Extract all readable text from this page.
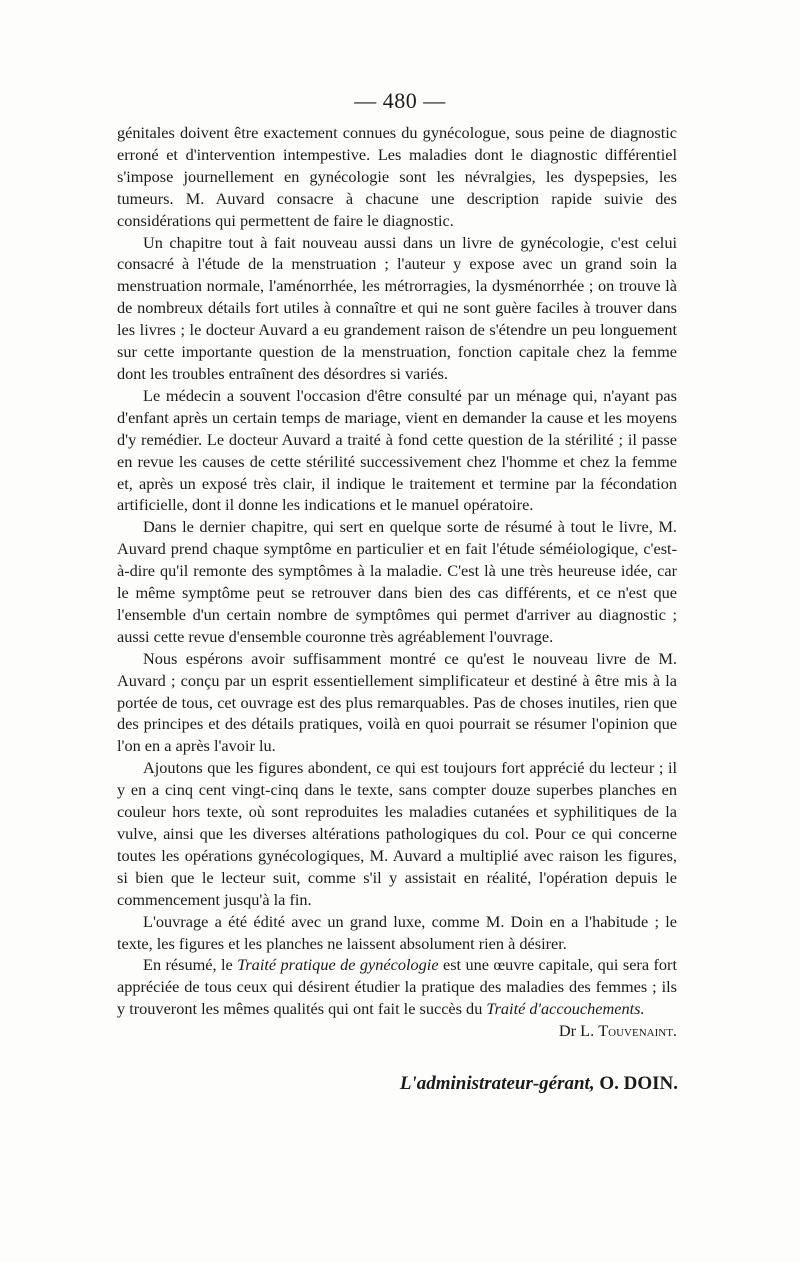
— 480 —

génitales doivent être exactement connues du gynécologue, sous peine de diagnostic erroné et d'intervention intempestive. Les maladies dont le diagnostic différentiel s'impose journellement en gynécologie sont les névralgies, les dyspepsies, les tumeurs. M. Auvard consacre à chacune une description rapide suivie des considérations qui permettent de faire le diagnostic.

Un chapitre tout à fait nouveau aussi dans un livre de gynécologie, c'est celui consacré à l'étude de la menstruation ; l'auteur y expose avec un grand soin la menstruation normale, l'aménorrhée, les métrorragies, la dysménorrhée ; on trouve là de nombreux détails fort utiles à connaître et qui ne sont guère faciles à trouver dans les livres ; le docteur Auvard a eu grandement raison de s'étendre un peu longuement sur cette importante question de la menstruation, fonction capitale chez la femme dont les troubles entraînent des désordres si variés.

Le médecin a souvent l'occasion d'être consulté par un ménage qui, n'ayant pas d'enfant après un certain temps de mariage, vient en demander la cause et les moyens d'y remédier. Le docteur Auvard a traité à fond cette question de la stérilité ; il passe en revue les causes de cette stérilité successivement chez l'homme et chez la femme et, après un exposé très clair, il indique le traitement et termine par la fécondation artificielle, dont il donne les indications et le manuel opératoire.

Dans le dernier chapitre, qui sert en quelque sorte de résumé à tout le livre, M. Auvard prend chaque symptôme en particulier et en fait l'étude séméiologique, c'est-à-dire qu'il remonte des symptômes à la maladie. C'est là une très heureuse idée, car le même symptôme peut se retrouver dans bien des cas différents, et ce n'est que l'ensemble d'un certain nombre de symptômes qui permet d'arriver au diagnostic ; aussi cette revue d'ensemble couronne très agréablement l'ouvrage.

Nous espérons avoir suffisamment montré ce qu'est le nouveau livre de M. Auvard ; conçu par un esprit essentiellement simplificateur et destiné à être mis à la portée de tous, cet ouvrage est des plus remarquables. Pas de choses inutiles, rien que des principes et des détails pratiques, voilà en quoi pourrait se résumer l'opinion que l'on en a après l'avoir lu.

Ajoutons que les figures abondent, ce qui est toujours fort apprécié du lecteur ; il y en a cinq cent vingt-cinq dans le texte, sans compter douze superbes planches en couleur hors texte, où sont reproduites les maladies cutanées et syphilitiques de la vulve, ainsi que les diverses altérations pathologiques du col. Pour ce qui concerne toutes les opérations gynécologiques, M. Auvard a multiplié avec raison les figures, si bien que le lecteur suit, comme s'il y assistait en réalité, l'opération depuis le commencement jusqu'à la fin.

L'ouvrage a été édité avec un grand luxe, comme M. Doin en a l'habitude ; le texte, les figures et les planches ne laissent absolument rien à désirer.

En résumé, le Traité pratique de gynécologie est une œuvre capitale, qui sera fort appréciée de tous ceux qui désirent étudier la pratique des maladies des femmes ; ils y trouveront les mêmes qualités qui ont fait le succès du Traité d'accouchements.
Dr L. Touvenaint.

L'administrateur-gérant, O. DOIN.
